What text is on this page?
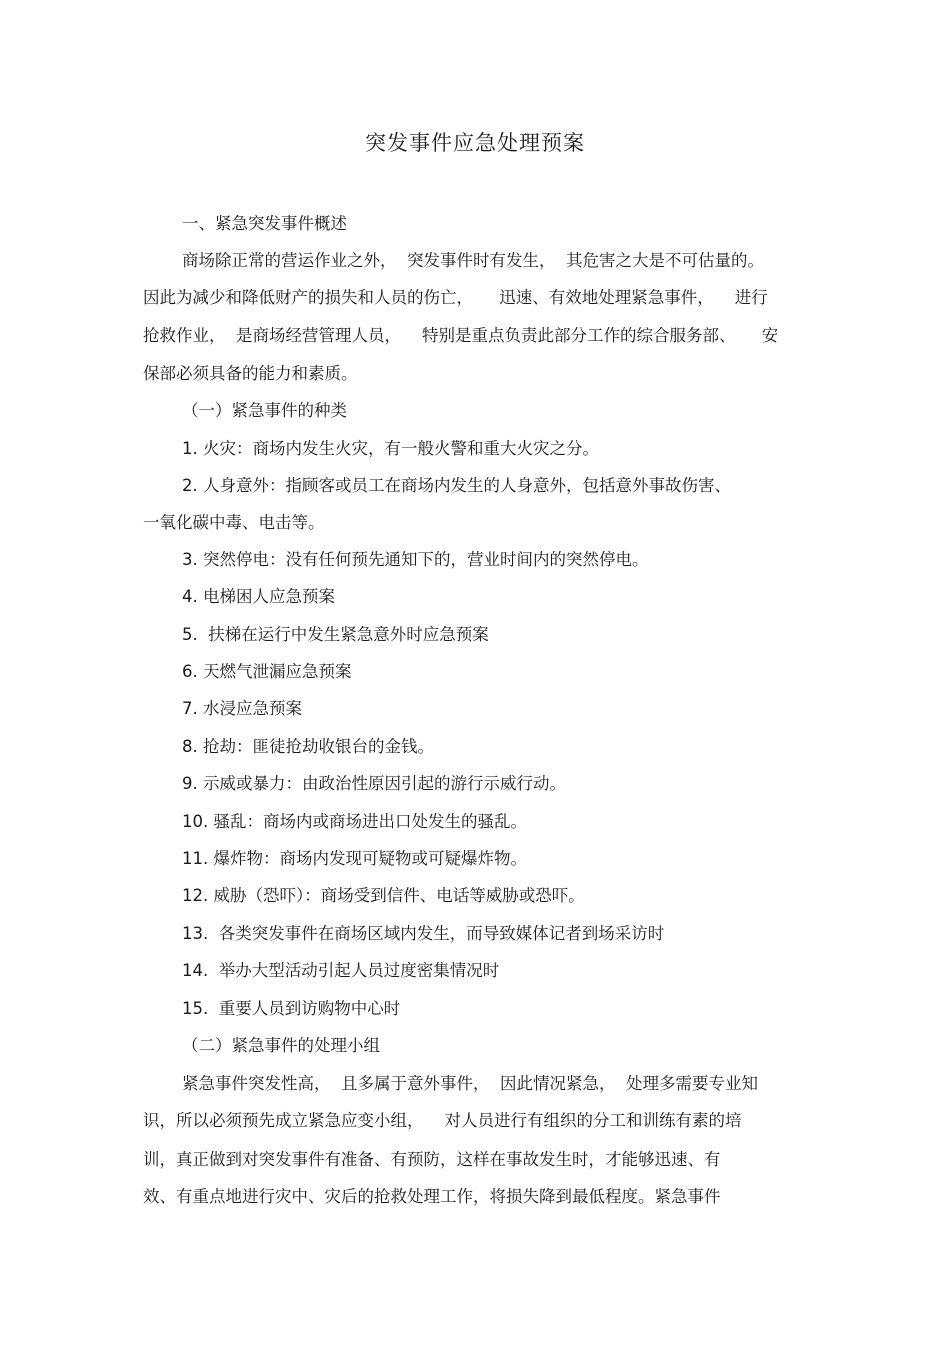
突发事件应急处理预案
一、紧急突发事件概述
商场除正常的营运作业之外，  突发事件时有发生，  其危害之大是不可估量的。
因此为减少和降低财产的损失和人员的伤亡，     迅速、有效地处理紧急事件，    进行
抢救作业，  是商场经营管理人员，    特别是重点负责此部分工作的综合服务部、     安
保部必须具备的能力和素质。
（一）紧急事件的种类
1. 火灾：商场内发生火灾，有一般火警和重大火灾之分。
2. 人身意外：指顾客或员工在商场内发生的人身意外，包括意外事故伤害、
一氧化碳中毒、电击等。
3. 突然停电：没有任何预先通知下的，营业时间内的突然停电。
4. 电梯困人应急预案
5.  扶梯在运行中发生紧急意外时应急预案
6. 天燃气泄漏应急预案
7. 水浸应急预案
8. 抢劫：匪徒抢劫收银台的金钱。
9. 示威或暴力：由政治性原因引起的游行示威行动。
10. 骚乱：商场内或商场进出口处发生的骚乱。
11. 爆炸物：商场内发现可疑物或可疑爆炸物。
12. 威胁（恐吓）：商场受到信件、电话等威胁或恐吓。
13.  各类突发事件在商场区域内发生，而导致媒体记者到场采访时
14.  举办大型活动引起人员过度密集情况时
15.  重要人员到访购物中心时
（二）紧急事件的处理小组
紧急事件突发性高，  且多属于意外事件，  因此情况紧急，  处理多需要专业知
识，所以必须预先成立紧急应变小组，    对人员进行有组织的分工和训练有素的培
训，真正做到对突发事件有准备、有预防，这样在事故发生时，才能够迅速、有
效、有重点地进行灾中、灾后的抢救处理工作，将损失降到最低程度。紧急事件
